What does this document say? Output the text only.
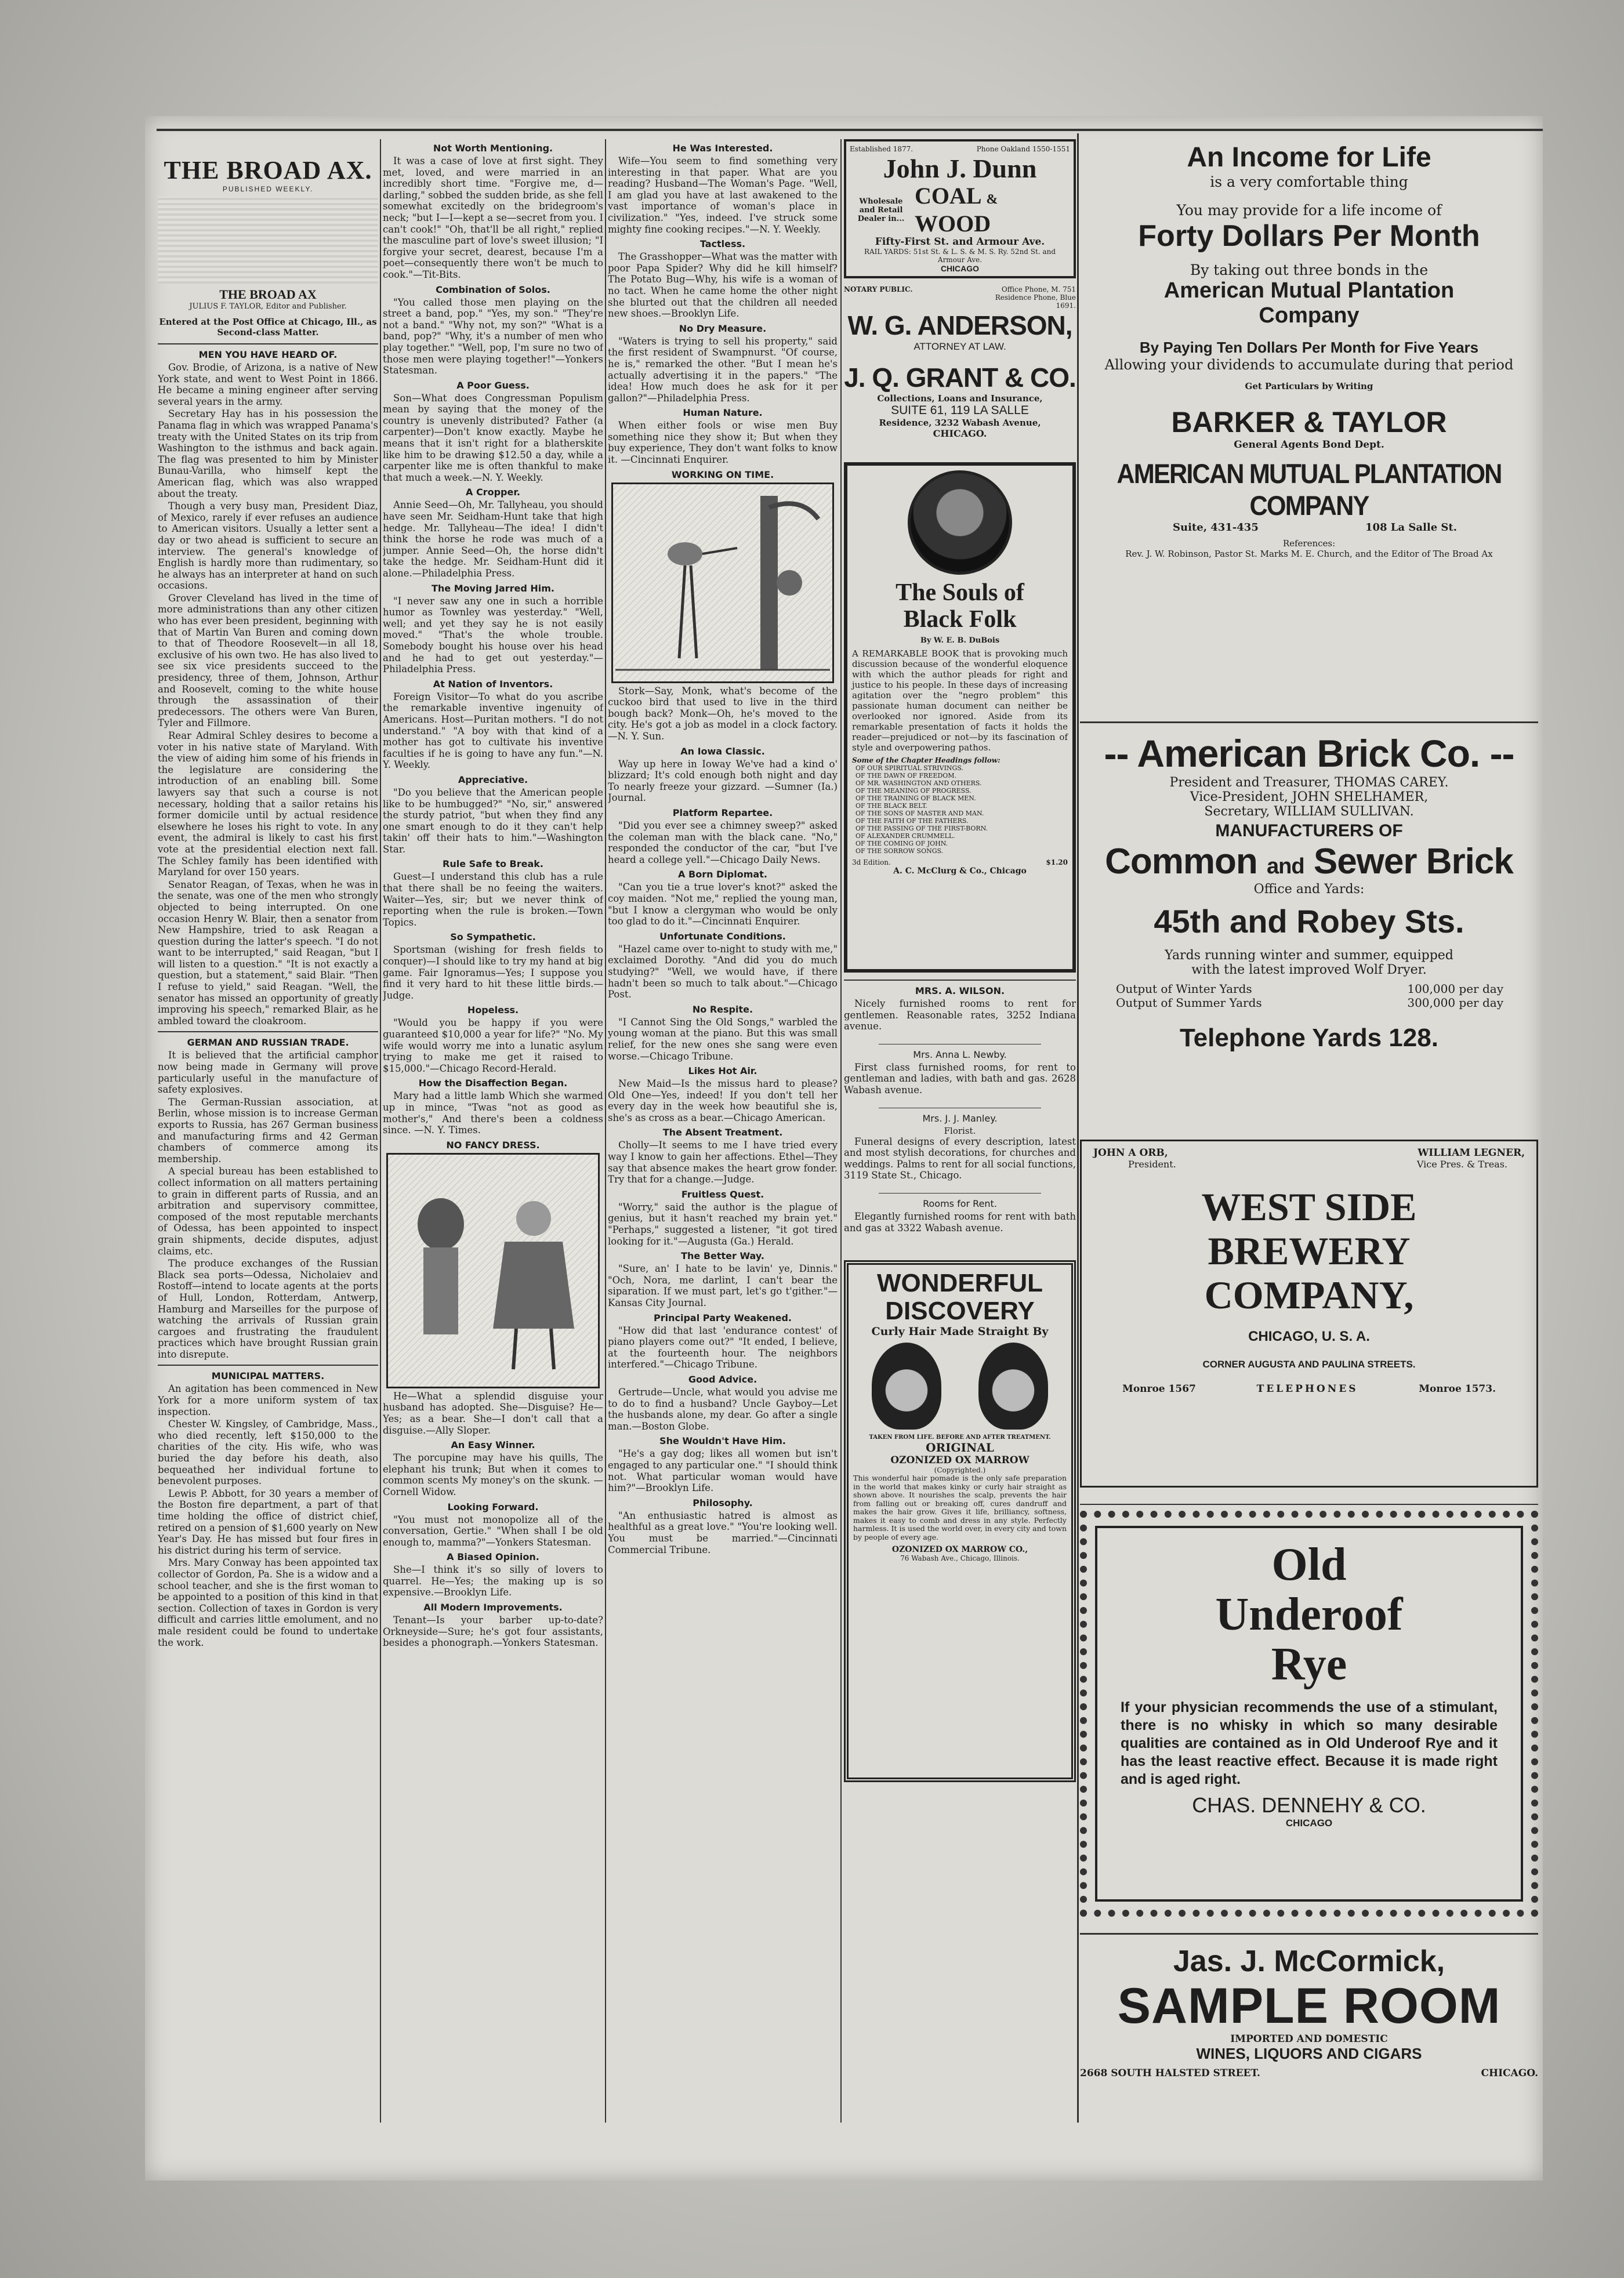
THE BROAD AX.
PUBLISHED WEEKLY.
THE BROAD AX
JULIUS F. TAYLOR, Editor and Publisher.
Entered at the Post Office at Chicago, Ill., as Second-class Matter.
MEN YOU HAVE HEARD OF.

Gov. Brodie, of Arizona, is a native of New York state, and went to West Point in 1866. He became a mining engineer after serving several years in the army.

Secretary Hay has in his possession the Panama flag in which was wrapped Panama's treaty with the United States on its trip from Washington to the isthmus and back again. The flag was presented to him by Minister Bunau-Varilla, who himself kept the American flag, which was also wrapped about the treaty.

Though a very busy man, President Diaz, of Mexico, rarely if ever refuses an audience to American visitors. Usually a letter sent a day or two ahead is sufficient to secure an interview. The general's knowledge of English is hardly more than rudimentary, so he always has an interpreter at hand on such occasions.

Grover Cleveland has lived in the time of more administrations than any other citizen who has ever been president, beginning with that of Martin Van Buren and coming down to that of Theodore Roosevelt—in all 18, exclusive of his own two. He has also lived to see six vice presidents succeed to the presidency, three of them, Johnson, Arthur and Roosevelt, coming to the white house through the assassination of their predecessors. The others were Van Buren, Tyler and Fillmore.

Rear Admiral Schley desires to become a voter in his native state of Maryland. With the view of aiding him some of his friends in the legislature are considering the introduction of an enabling bill. Some lawyers say that such a course is not necessary, holding that a sailor retains his former domicile until by actual residence elsewhere he loses his right to vote. In any event, the admiral is likely to cast his first vote at the presidential election next fall. The Schley family has been identified with Maryland for over 150 years.

Senator Reagan, of Texas, when he was in the senate, was one of the men who strongly objected to being interrupted. On one occasion Henry W. Blair, then a senator from New Hampshire, tried to ask Reagan a question during the latter's speech. "I do not want to be interrupted," said Reagan, "but I will listen to a question." "It is not exactly a question, but a statement," said Blair. "Then I refuse to yield," said Reagan. "Well, the senator has missed an opportunity of greatly improving his speech," remarked Blair, as he ambled toward the cloakroom.

GERMAN AND RUSSIAN TRADE.

It is believed that the artificial camphor now being made in Germany will prove particularly useful in the manufacture of safety explosives.

The German-Russian association, at Berlin, whose mission is to increase German exports to Russia, has 267 German business and manufacturing firms and 42 German chambers of commerce among its membership.

A special bureau has been established to collect information on all matters pertaining to grain in different parts of Russia, and an arbitration and supervisory committee, composed of the most reputable merchants of Odessa, has been appointed to inspect grain shipments, decide disputes, adjust claims, etc.

The produce exchanges of the Russian Black sea ports—Odessa, Nicholaiev and Rostoff—intend to locate agents at the ports of Hull, London, Rotterdam, Antwerp, Hamburg and Marseilles for the purpose of watching the arrivals of Russian grain cargoes and frustrating the fraudulent practices which have brought Russian grain into disrepute.

MUNICIPAL MATTERS.

An agitation has been commenced in New York for a more uniform system of tax inspection.

Chester W. Kingsley, of Cambridge, Mass., who died recently, left $150,000 to the charities of the city. His wife, who was buried the day before his death, also bequeathed her individual fortune to benevolent purposes.

Lewis P. Abbott, for 30 years a member of the Boston fire department, a part of that time holding the office of district chief, retired on a pension of $1,600 yearly on New Year's Day. He has missed but four fires in his district during his term of service.

Mrs. Mary Conway has been appointed tax collector of Gordon, Pa. She is a widow and a school teacher, and she is the first woman to be appointed to a position of this kind in that section. Collection of taxes in Gordon is very difficult and carries little emolument, and no male resident could be found to undertake the work.

Not Worth Mentioning.

It was a case of love at first sight. They met, loved, and were married in an incredibly short time. "Forgive me, d—darling," sobbed the sudden bride, as she fell somewhat excitedly on the bridegroom's neck; "but I—I—kept a se—secret from you. I can't cook!" "Oh, that'll be all right," replied the masculine part of love's sweet illusion; "I forgive your secret, dearest, because I'm a poet—consequently there won't be much to cook."—Tit-Bits.

Combination of Solos.

"You called those men playing on the street a band, pop." "Yes, my son." "They're not a band." "Why not, my son?" "What is a band, pop?" "Why, it's a number of men who play together." "Well, pop, I'm sure no two of those men were playing together!"—Yonkers Statesman.

A Poor Guess.

Son—What does Congressman Populism mean by saying that the money of the country is unevenly distributed? Father (a carpenter)—Don't know exactly. Maybe he means that it isn't right for a blatherskite like him to be drawing $12.50 a day, while a carpenter like me is often thankful to make that much a week.—N. Y. Weekly.

A Cropper.

Annie Seed—Oh, Mr. Tallyheau, you should have seen Mr. Seidham-Hunt take that high hedge. Mr. Tallyheau—The idea! I didn't think the horse he rode was much of a jumper. Annie Seed—Oh, the horse didn't take the hedge. Mr. Seidham-Hunt did it alone.—Philadelphia Press.

The Moving Jarred Him.

"I never saw any one in such a horrible humor as Townley was yesterday." "Well, well; and yet they say he is not easily moved." "That's the whole trouble. Somebody bought his house over his head and he had to get out yesterday."—Philadelphia Press.

At Nation of Inventors.

Foreign Visitor—To what do you ascribe the remarkable inventive ingenuity of Americans. Host—Puritan mothers. "I do not understand." "A boy with that kind of a mother has got to cultivate his inventive faculties if he is going to have any fun."—N. Y. Weekly.

Appreciative.

"Do you believe that the American people like to be humbugged?" "No, sir," answered the sturdy patriot, "but when they find any one smart enough to do it they can't help takin' off their hats to him."—Washington Star.

Rule Safe to Break.

Guest—I understand this club has a rule that there shall be no feeing the waiters. Waiter—Yes, sir; but we never think of reporting when the rule is broken.—Town Topics.

So Sympathetic.

Sportsman (wishing for fresh fields to conquer)—I should like to try my hand at big game. Fair Ignoramus—Yes; I suppose you find it very hard to hit these little birds.—Judge.

Hopeless.

"Would you be happy if you were guaranteed $10,000 a year for life?" "No. My wife would worry me into a lunatic asylum trying to make me get it raised to $15,000."—Chicago Record-Herald.

How the Disaffection Began.

Mary had a little lamb Which she warmed up in mince, "Twas "not as good as mother's," And there's been a coldness since. —N. Y. Times.

NO FANCY DRESS.

He—What a splendid disguise your husband has adopted. She—Disguise? He—Yes; as a bear. She—I don't call that a disguise.—Ally Sloper.

An Easy Winner.

The porcupine may have his quills, The elephant his trunk; But when it comes to common scents My money's on the skunk. —Cornell Widow.

Looking Forward.

"You must not monopolize all of the conversation, Gertie." "When shall I be old enough to, mamma?"—Yonkers Statesman.

A Biased Opinion.

She—I think it's so silly of lovers to quarrel. He—Yes; the making up is so expensive.—Brooklyn Life.

All Modern Improvements.

Tenant—Is your barber up-to-date? Orkneyside—Sure; he's got four assistants, besides a phonograph.—Yonkers Statesman.

He Was Interested.

Wife—You seem to find something very interesting in that paper. What are you reading? Husband—The Woman's Page. "Well, I am glad you have at last awakened to the vast importance of woman's place in civilization." "Yes, indeed. I've struck some mighty fine cooking recipes."—N. Y. Weekly.

Tactless.

The Grasshopper—What was the matter with poor Papa Spider? Why did he kill himself? The Potato Bug—Why, his wife is a woman of no tact. When he came home the other night she blurted out that the children all needed new shoes.—Brooklyn Life.

No Dry Measure.

"Waters is trying to sell his property," said the first resident of Swampnurst. "Of course, he is," remarked the other. "But I mean he's actually advertising it in the papers." "The idea! How much does he ask for it per gallon?"—Philadelphia Press.

Human Nature.

When either fools or wise men Buy something nice they show it; But when they buy experience, They don't want folks to know it. —Cincinnati Enquirer.

WORKING ON TIME.

Stork—Say, Monk, what's become of the cuckoo bird that used to live in the third bough back? Monk—Oh, he's moved to the city. He's got a job as model in a clock factory.—N. Y. Sun.

An Iowa Classic.

Way up here in Ioway We've had a kind o' blizzard; It's cold enough both night and day To nearly freeze your gizzard. —Sumner (Ia.) Journal.

Platform Repartee.

"Did you ever see a chimney sweep?" asked the coleman man with the black cane. "No," responded the conductor of the car, "but I've heard a college yell."—Chicago Daily News.

A Born Diplomat.

"Can you tie a true lover's knot?" asked the coy maiden. "Not me," replied the young man, "but I know a clergyman who would be only too glad to do it."—Cincinnati Enquirer.

Unfortunate Conditions.

"Hazel came over to-night to study with me," exclaimed Dorothy. "And did you do much studying?" "Well, we would have, if there hadn't been so much to talk about."—Chicago Post.

No Respite.

"I Cannot Sing the Old Songs," warbled the young woman at the piano. But this was small relief, for the new ones she sang were even worse.—Chicago Tribune.

Likes Hot Air.

New Maid—Is the missus hard to please? Old One—Yes, indeed! If you don't tell her every day in the week how beautiful she is, she's as cross as a bear.—Chicago American.

The Absent Treatment.

Cholly—It seems to me I have tried every way I know to gain her affections. Ethel—They say that absence makes the heart grow fonder. Try that for a change.—Judge.

Fruitless Quest.

"Worry," said the author is the plague of genius, but it hasn't reached my brain yet." "Perhaps," suggested a listener, "it got tired looking for it."—Augusta (Ga.) Herald.

The Better Way.

"Sure, an' I hate to be lavin' ye, Dinnis." "Och, Nora, me darlint, I can't bear the siparation. If we must part, let's go t'gither."—Kansas City Journal.

Principal Party Weakened.

"How did that last 'endurance contest' of piano players come out?" "It ended, I believe, at the fourteenth hour. The neighbors interfered."—Chicago Tribune.

Good Advice.

Gertrude—Uncle, what would you advise me to do to find a husband? Uncle Gayboy—Let the husbands alone, my dear. Go after a single man.—Boston Globe.

She Wouldn't Have Him.

"He's a gay dog; likes all women but isn't engaged to any particular one." "I should think not. What particular woman would have him?"—Brooklyn Life.

Philosophy.

"An enthusiastic hatred is almost as healthful as a great love." "You're looking well. You must be married."—Cincinnati Commercial Tribune.

Established 1877.	Phone Oakland 1550-1551
John J. Dunn
Wholesale and Retail Dealer in...
COAL &
WOOD
Fifty-First St. and Armour Ave.
RAIL YARDS: 51st St. & L. S. & M. S. Ry. 52nd St. and Armour Ave.
CHICAGO
NOTARY PUBLIC.	Office Phone, M. 751 Residence Phone, Blue 1691.
W. G. ANDERSON,
ATTORNEY AT LAW.
J. Q. GRANT & CO.
Collections, Loans and Insurance,
SUITE 61, 119 LA SALLE
Residence, 3232 Wabash Avenue,
CHICAGO.
The Souls of
Black Folk
By W. E. B. DuBois

A REMARKABLE BOOK that is provoking much discussion because of the wonderful eloquence with which the author pleads for right and justice to his people. In these days of increasing agitation over the "negro problem" this passionate human document can neither be overlooked nor ignored. Aside from its remarkable presentation of facts it holds the reader—prejudiced or not—by its fascination of style and overpowering pathos.

Some of the Chapter Headings follow:
OF OUR SPIRITUAL STRIVINGS.
OF THE DAWN OF FREEDOM.
OF MR. WASHINGTON AND OTHERS.
OF THE MEANING OF PROGRESS.
OF THE TRAINING OF BLACK MEN.
OF THE BLACK BELT.
OF THE SONS OF MASTER AND MAN.
OF THE FAITH OF THE FATHERS.
OF THE PASSING OF THE FIRST-BORN.
OF ALEXANDER CRUMMELL.
OF THE COMING OF JOHN.
OF THE SORROW SONGS.
3d Edition.	$1.20
A. C. McClurg & Co., Chicago
MRS. A. WILSON.

Nicely furnished rooms to rent for gentlemen. Reasonable rates, 3252 Indiana avenue.

Mrs. Anna L. Newby.

First class furnished rooms, for rent to gentleman and ladies, with bath and gas. 2628 Wabash avenue.

Mrs. J. J. Manley.
Florist.

Funeral designs of every description, latest and most stylish decorations, for churches and weddings. Palms to rent for all social functions, 3119 State St., Chicago.

Rooms for Rent.

Elegantly furnished rooms for rent with bath and gas at 3322 Wabash avenue.

WONDERFUL
DISCOVERY
Curly Hair Made Straight By
TAKEN FROM LIFE. BEFORE AND AFTER TREATMENT.
ORIGINAL
OZONIZED OX MARROW
(Copyrighted.)

This wonderful hair pomade is the only safe preparation in the world that makes kinky or curly hair straight as shown above. It nourishes the scalp, prevents the hair from falling out or breaking off, cures dandruff and makes the hair grow. Gives it life, brilliancy, softness, makes it easy to comb and dress in any style. Perfectly harmless. It is used the world over, in every city and town by people of every age.

OZONIZED OX MARROW CO.,
76 Wabash Ave., Chicago, Illinois.
An Income for Life
is a very comfortable thing
You may provide for a life income of
Forty Dollars Per Month
By taking out three bonds in the
American Mutual Plantation
Company
By Paying Ten Dollars Per Month for Five Years
Allowing your dividends to accumulate during that period
Get Particulars by Writing
BARKER & TAYLOR
General Agents Bond Dept.
AMERICAN MUTUAL PLANTATION COMPANY
Suite, 431-435	108 La Salle St.
References:
Rev. J. W. Robinson, Pastor St. Marks M. E. Church, and the Editor of The Broad Ax
-- American Brick Co. --
President and Treasurer, THOMAS CAREY.
Vice-President, JOHN SHELHAMER,
Secretary, WILLIAM SULLIVAN.
MANUFACTURERS OF
Common and Sewer Brick
Office and Yards:
45th and Robey Sts.
Yards running winter and summer, equipped
with the latest improved Wolf Dryer.
Output of Winter Yards	100,000 per day
Output of Summer Yards	300,000 per day
Telephone Yards 128.
JOHN A ORB,	WILLIAM LEGNER,
President.	Vice Pres. & Treas.
WEST SIDE
BREWERY
COMPANY,
CHICAGO, U. S. A.
CORNER AUGUSTA AND PAULINA STREETS.
Monroe 1567	TELEPHONES	Monroe 1573.
Old
Underoof
Rye

If your physician recommends the use of a stimulant, there is no whisky in which so many desirable qualities are contained as in Old Underoof Rye and it has the least reactive effect. Because it is made right and is aged right.

CHAS. DENNEHY & CO.
CHICAGO
Jas. J. McCormick,
SAMPLE ROOM
IMPORTED AND DOMESTIC
WINES, LIQUORS AND CIGARS
2668 SOUTH HALSTED STREET.	CHICAGO.
